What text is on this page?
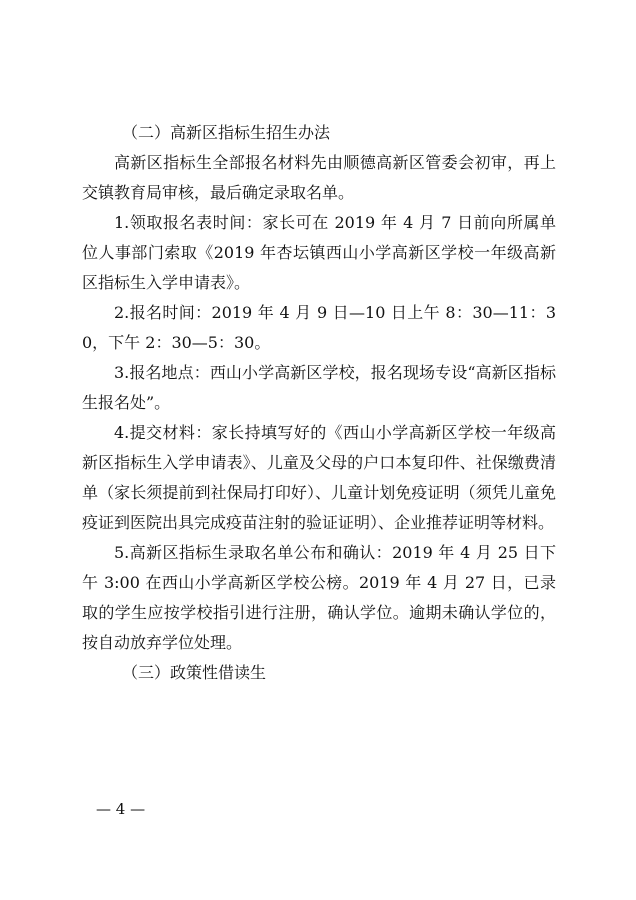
（二）高新区指标生招生办法

高新区指标生全部报名材料先由顺德高新区管委会初审，再上交镇教育局审核，最后确定录取名单。

1.领取报名表时间：家长可在 2019 年 4 月 7 日前向所属单位人事部门索取《2019 年杏坛镇西山小学高新区学校一年级高新区指标生入学申请表》。

2.报名时间：2019 年 4 月 9 日—10 日上午 8：30—11：30，下午 2：30—5：30。

3.报名地点：西山小学高新区学校，报名现场专设“高新区指标生报名处”。

4.提交材料：家长持填写好的《西山小学高新区学校一年级高新区指标生入学申请表》、儿童及父母的户口本复印件、社保缴费清单（家长须提前到社保局打印好）、儿童计划免疫证明（须凭儿童免疫证到医院出具完成疫苗注射的验证证明）、企业推荐证明等材料。

5.高新区指标生录取名单公布和确认：2019 年 4 月 25 日下午 3:00 在西山小学高新区学校公榜。2019 年 4 月 27 日，已录取的学生应按学校指引进行注册，确认学位。逾期未确认学位的，按自动放弃学位处理。

（三）政策性借读生

— 4 —
